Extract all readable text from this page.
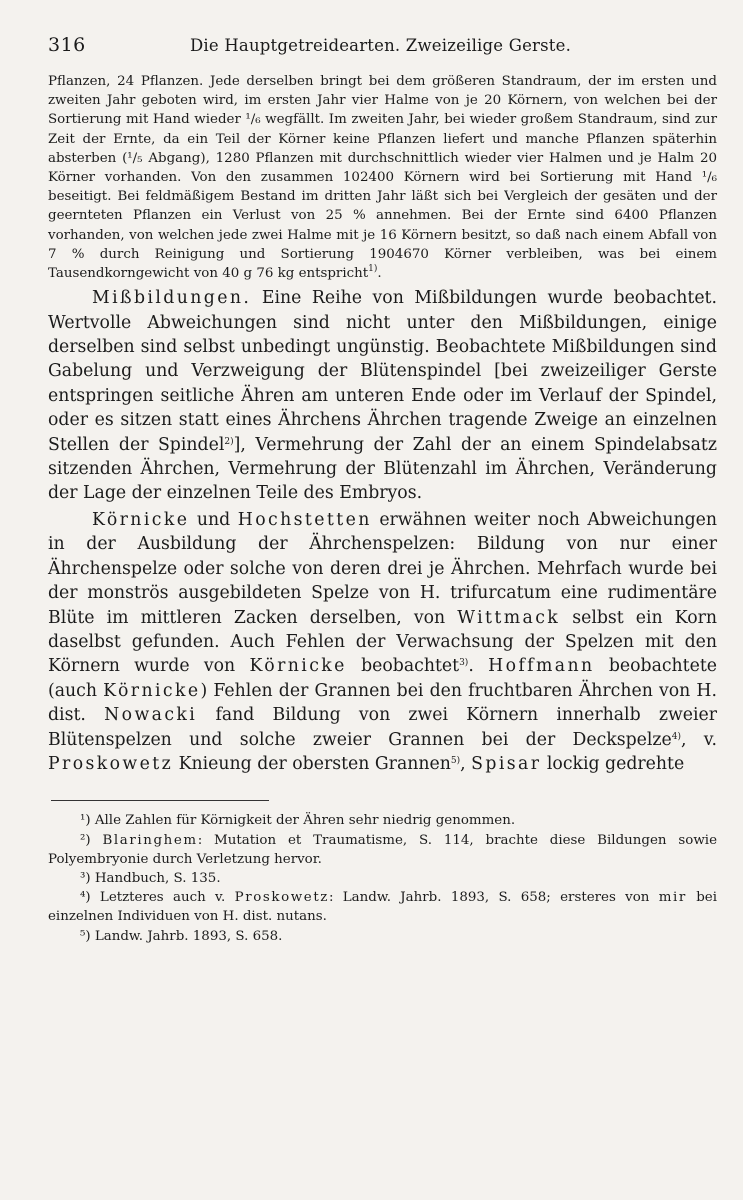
316	Die Hauptgetreidearten. Zweizeilige Gerste.

Pflanzen, 24 Pflanzen. Jede derselben bringt bei dem größeren Standraum, der im ersten und zweiten Jahr geboten wird, im ersten Jahr vier Halme von je 20 Körnern, von welchen bei der Sortierung mit Hand wieder ¹/₆ wegfällt. Im zweiten Jahr, bei wieder großem Standraum, sind zur Zeit der Ernte, da ein Teil der Körner keine Pflanzen liefert und manche Pflanzen späterhin absterben (¹/₅ Abgang), 1280 Pflanzen mit durchschnittlich wieder vier Halmen und je Halm 20 Körner vorhanden. Von den zusammen 102400 Körnern wird bei Sortierung mit Hand ¹/₆ beseitigt. Bei feldmäßigem Bestand im dritten Jahr läßt sich bei Vergleich der gesäten und der geernteten Pflanzen ein Verlust von 25 % annehmen. Bei der Ernte sind 6400 Pflanzen vorhanden, von welchen jede zwei Halme mit je 16 Körnern besitzt, so daß nach einem Abfall von 7 % durch Reinigung und Sortierung 1904670 Körner verbleiben, was bei einem Tausendkorngewicht von 40 g 76 kg entspricht$^{1)}$.

Mißbildungen. Eine Reihe von Mißbildungen wurde beobachtet. Wertvolle Abweichungen sind nicht unter den Mißbildungen, einige derselben sind selbst unbedingt ungünstig. Beobachtete Mißbildungen sind Gabelung und Verzweigung der Blütenspindel [bei zweizeiliger Gerste entspringen seitliche Ähren am unteren Ende oder im Verlauf der Spindel, oder es sitzen statt eines Ährchens Ährchen tragende Zweige an einzelnen Stellen der Spindel$^{2)}$], Vermehrung der Zahl der an einem Spindelabsatz sitzenden Ährchen, Vermehrung der Blütenzahl im Ährchen, Veränderung der Lage der einzelnen Teile des Embryos.

Körnicke und Hochstetten erwähnen weiter noch Abweichungen in der Ausbildung der Ährchenspelzen: Bildung von nur einer Ährchenspelze oder solche von deren drei je Ährchen. Mehrfach wurde bei der monströs ausgebildeten Spelze von H. trifurcatum eine rudimentäre Blüte im mittleren Zacken derselben, von Wittmack selbst ein Korn daselbst gefunden. Auch Fehlen der Verwachsung der Spelzen mit den Körnern wurde von Körnicke beobachtet$^{3)}$. Hoffmann beobachtete (auch Körnicke) Fehlen der Grannen bei den fruchtbaren Ährchen von H. dist. Nowacki fand Bildung von zwei Körnern innerhalb zweier Blütenspelzen und solche zweier Grannen bei der Deckspelze$^{4)}$, v. Proskowetz Knieung der obersten Grannen$^{5)}$, Spisar lockig gedrehte

¹) Alle Zahlen für Körnigkeit der Ähren sehr niedrig genommen.

²) Blaringhem: Mutation et Traumatisme, S. 114, brachte diese Bildungen sowie Polyembryonie durch Verletzung hervor.

³) Handbuch, S. 135.

⁴) Letzteres auch v. Proskowetz: Landw. Jahrb. 1893, S. 658; ersteres von mir bei einzelnen Individuen von H. dist. nutans.

⁵) Landw. Jahrb. 1893, S. 658.
